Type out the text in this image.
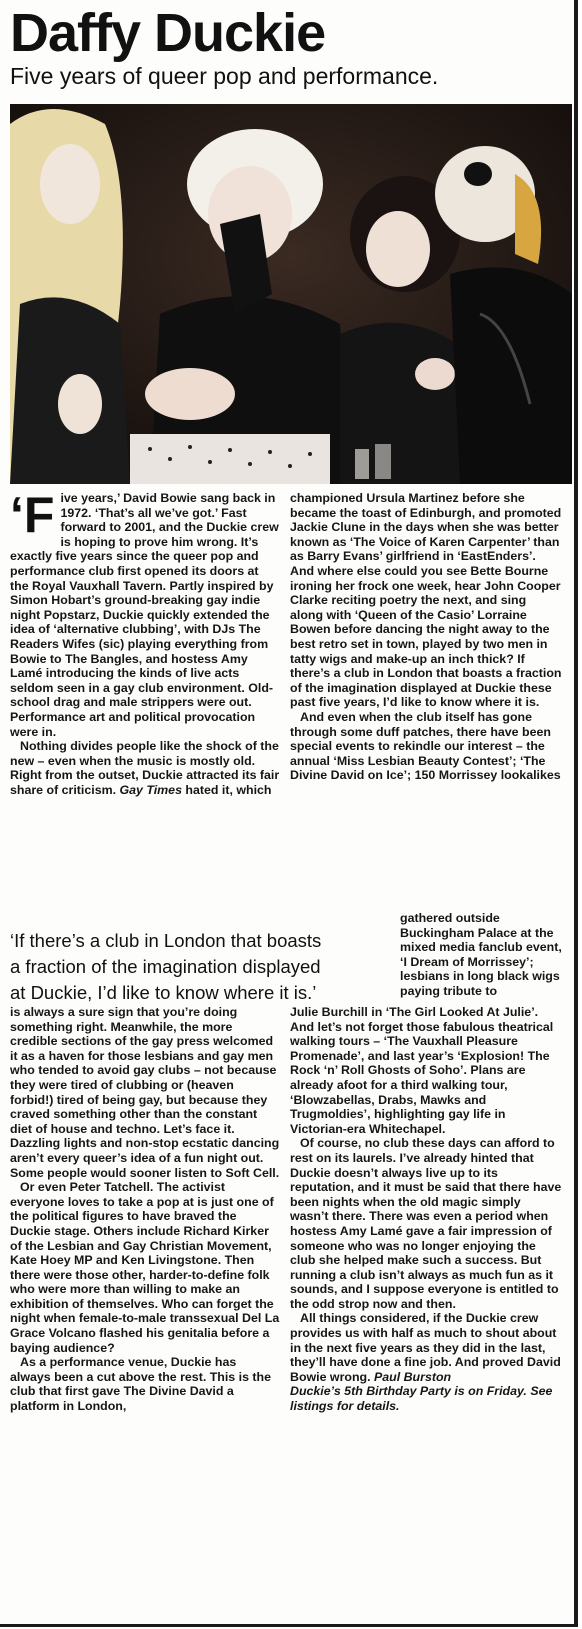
Daffy Duckie
Five years of queer pop and performance.

‘F ive years,’ David Bowie sang back in 1972. ‘That’s all we’ve got.’ Fast forward to 2001, and the Duckie crew is hoping to prove him wrong. It’s exactly five years since the queer pop and performance club first opened its doors at the Royal Vauxhall Tavern. Partly inspired by Simon Hobart’s ground-breaking gay indie night Popstarz, Duckie quickly extended the idea of ‘alternative clubbing’, with DJs The Readers Wifes (sic) playing everything from Bowie to The Bangles, and hostess Amy Lamé introducing the kinds of live acts seldom seen in a gay club environment. Old-school drag and male strippers were out. Performance art and political provocation were in.

Nothing divides people like the shock of the new – even when the music is mostly old. Right from the outset, Duckie attracted its fair share of criticism. Gay Times hated it, which

championed Ursula Martinez before she became the toast of Edinburgh, and promoted Jackie Clune in the days when she was better known as ‘The Voice of Karen Carpenter’ than as Barry Evans’ girlfriend in ‘EastEnders’. And where else could you see Bette Bourne ironing her frock one week, hear John Cooper Clarke reciting poetry the next, and sing along with ‘Queen of the Casio’ Lorraine Bowen before dancing the night away to the best retro set in town, played by two men in tatty wigs and make-up an inch thick? If there’s a club in London that boasts a fraction of the imagination displayed at Duckie these past five years, I’d like to know where it is.

And even when the club itself has gone through some duff patches, there have been special events to rekindle our interest – the annual ‘Miss Lesbian Beauty Contest’; ‘The Divine David on Ice’; 150 Morrissey lookalikes

gathered outside Buckingham Palace at the mixed media fanclub event, ‘I Dream of Morrissey’; lesbians in long black wigs paying tribute to

‘If there’s a club in London that boasts
a fraction of the imagination displayed
at Duckie, I’d like to know where it is.’

is always a sure sign that you’re doing something right. Meanwhile, the more credible sections of the gay press welcomed it as a haven for those lesbians and gay men who tended to avoid gay clubs – not because they were tired of clubbing or (heaven forbid!) tired of being gay, but because they craved something other than the constant diet of house and techno. Let’s face it. Dazzling lights and non-stop ecstatic dancing aren’t every queer’s idea of a fun night out. Some people would sooner listen to Soft Cell.

Or even Peter Tatchell. The activist everyone loves to take a pop at is just one of the political figures to have braved the Duckie stage. Others include Richard Kirker of the Lesbian and Gay Christian Movement, Kate Hoey MP and Ken Livingstone. Then there were those other, harder-to-define folk who were more than willing to make an exhibition of themselves. Who can forget the night when female-to-male transsexual Del La Grace Volcano flashed his genitalia before a baying audience?

As a performance venue, Duckie has always been a cut above the rest. This is the club that first gave The Divine David a platform in London,

Julie Burchill in ‘The Girl Looked At Julie’. And let’s not forget those fabulous theatrical walking tours – ‘The Vauxhall Pleasure Promenade’, and last year’s ‘Explosion! The Rock ‘n’ Roll Ghosts of Soho’. Plans are already afoot for a third walking tour, ‘Blowzabellas, Drabs, Mawks and Trugmoldies’, highlighting gay life in Victorian-era Whitechapel.

Of course, no club these days can afford to rest on its laurels. I’ve already hinted that Duckie doesn’t always live up to its reputation, and it must be said that there have been nights when the old magic simply wasn’t there. There was even a period when hostess Amy Lamé gave a fair impression of someone who was no longer enjoying the club she helped make such a success. But running a club isn’t always as much fun as it sounds, and I suppose everyone is entitled to the odd strop now and then.

All things considered, if the Duckie crew provides us with half as much to shout about in the next five years as they did in the last, they’ll have done a fine job. And proved David Bowie wrong. Paul Burston

Duckie’s 5th Birthday Party is on Friday. See listings for details.
